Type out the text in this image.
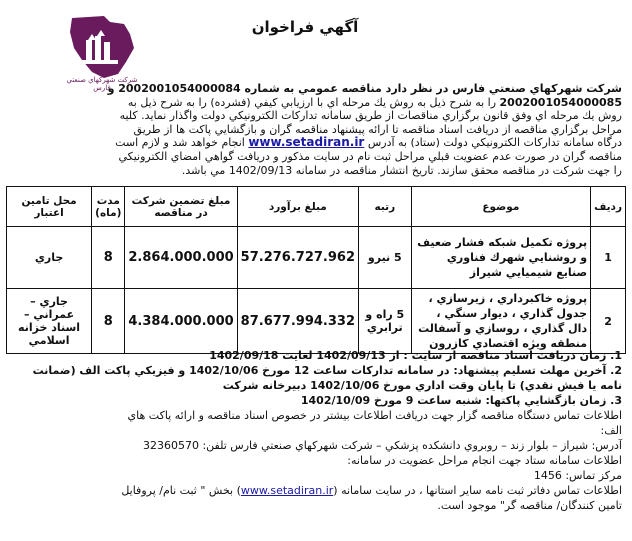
شركت شهركهاي صنعتي فارس
آگهي فراخوان
شركت شهركهاي صنعتي فارس در نظر دارد مناقصه عمومي به شماره 2002001054000084 و
2002001054000085 را به شرح ذيل به روش يك مرحله اي با ارزيابي كيفي (فشرده) را به شرح ذيل به
روش يك مرحله اي وفق قانون برگزاري مناقصات از طريق سامانه تداركات الكترونيكي دولت واگذار نمايد. كليه
مراحل برگزاري مناقصه از دريافت اسناد مناقصه تا ارائه پيشنهاد مناقصه گران و بازگشايي پاكت ها از طريق
درگاه سامانه تداركات الكترونيكي دولت (ستاد) به آدرس www.setadiran.ir انجام خواهد شد و لازم است
مناقصه گران در صورت عدم عضويت قبلي مراحل ثبت نام در سايت مذكور و دريافت گواهي امضاي الكترونيكي
را جهت شركت در مناقصه محقق سازند. تاريخ انتشار مناقصه در سامانه 1402/09/13 مي باشد.
رديف	موضوع	رتبه	مبلغ برآورد	مبلغ تضمين شركت در مناقصه	مدت (ماه)	محل تامين اعتبار
1	پروژه تكميل شبكه فشار ضعيف و روشنايي شهرك فناوري صنايع شيميايي شيراز	5 نيرو	57.276.727.962	2.864.000.000	8	جاري
2	پروژه خاكبرداري ، زيرسازي ، جدول گذاري ، ديوار سنگي ، دال گذاري ، روسازي و آسفالت منطقه ويژه اقتصادي كازرون	5 راه و ترابري	87.677.994.332	4.384.000.000	8	جاري – عمراني – اسناد خزانه اسلامي
1. زمان دريافت اسناد مناقصه از سايت : از 1402/09/13 لغايت 1402/09/18
2. آخرين مهلت تسليم پيشنهاد: در سامانه تداركات ساعت 12 مورخ 1402/10/06 و فيزيكي پاكت الف (ضمانت
نامه يا فيش نقدي) تا پايان وقت اداري مورخ 1402/10/06 دبيرخانه شركت
3. زمان بازگشايي پاكتها: شنبه ساعت 9 مورخ 1402/10/09
اطلاعات تماس دستگاه مناقصه گزار جهت دريافت اطلاعات بيشتر در خصوص اسناد مناقصه و ارائه پاكت هاي
الف:
آدرس: شيراز – بلوار زند – روبروي دانشكده پزشكي – شركت شهركهاي صنعتي فارس تلفن: 32360570
اطلاعات سامانه ستاد جهت انجام مراحل عضويت در سامانه:
مركز تماس: 1456
اطلاعات تماس دفاتر ثبت نامه ساير استانها ، در سايت سامانه (www.setadiran.ir) بخش " ثبت نام/ پروفايل
تامين كنندگان/ مناقصه گر" موجود است.
